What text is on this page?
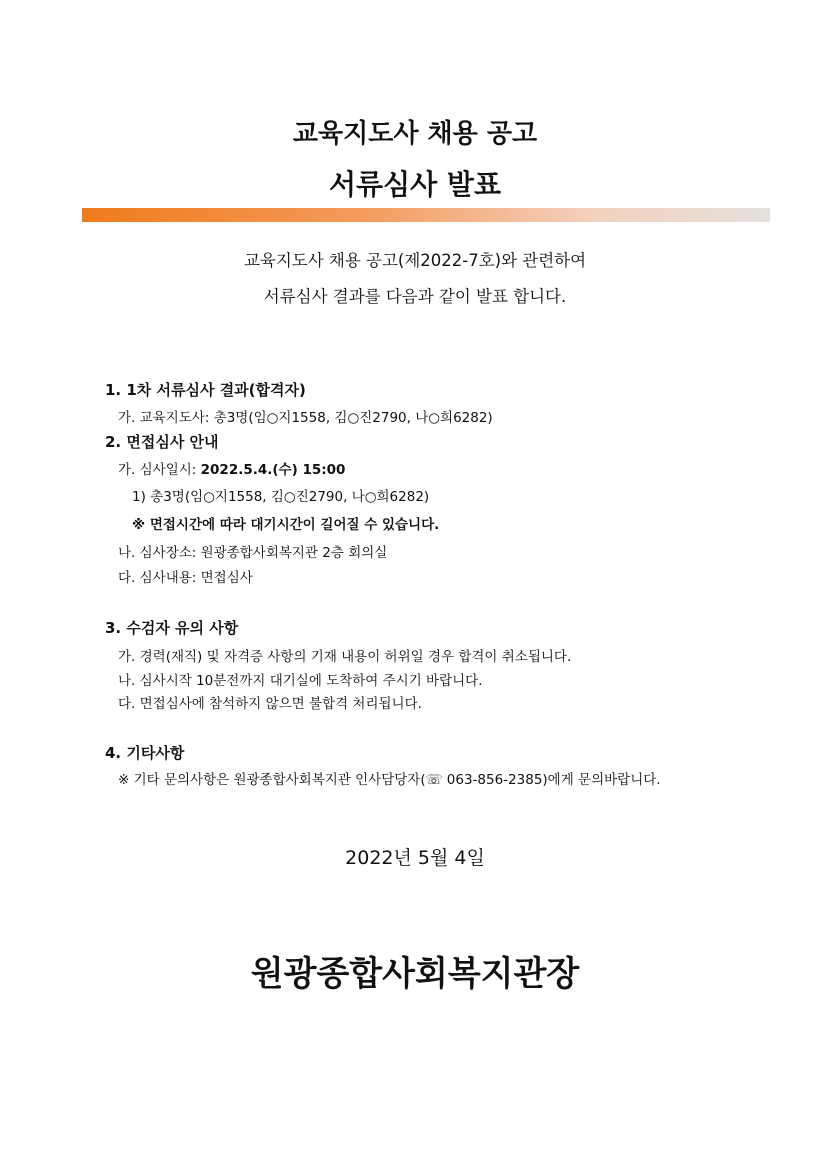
교육지도사 채용 공고
서류심사 발표
교육지도사 채용 공고(제2022-7호)와 관련하여
서류심사 결과를 다음과 같이 발표 합니다.
1. 1차 서류심사 결과(합격자)
가. 교육지도사: 총3명(임○지1558, 김○진2790, 나○희6282)
2. 면접심사 안내
가. 심사일시: 2022.5.4.(수) 15:00
1) 총3명(임○지1558, 김○진2790, 나○희6282)
※ 면접시간에 따라 대기시간이 길어질 수 있습니다.
나. 심사장소: 원광종합사회복지관 2층 회의실
다. 심사내용: 면접심사
3. 수검자 유의 사항
가. 경력(재직) 및 자격증 사항의 기재 내용이 허위일 경우 합격이 취소됩니다.
나. 심사시작 10분전까지 대기실에 도착하여 주시기 바랍니다.
다. 면접심사에 참석하지 않으면 불합격 처리됩니다.
4. 기타사항
※ 기타 문의사항은 원광종합사회복지관 인사담당자(☏ 063-856-2385)에게 문의바랍니다.
2022년 5월 4일
원광종합사회복지관장
